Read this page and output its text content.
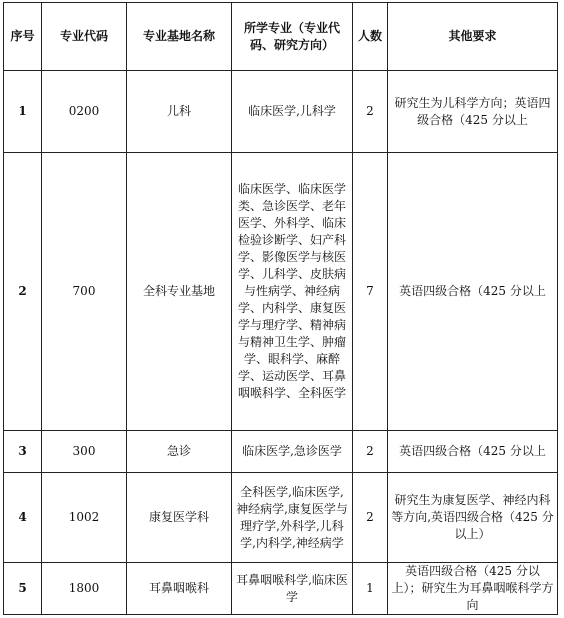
序号	专业代码	专业基地名称	所学专业（专业代码、研究方向）	人数	其他要求
1	0200	儿科	临床医学,儿科学	2	研究生为儿科学方向；英语四级合格（425 分以上
2	700	全科专业基地	临床医学、临床医学类、急诊医学、老年医学、外科学、临床检验诊断学、妇产科学、影像医学与核医学、儿科学、皮肤病与性病学、神经病学、内科学、康复医学与理疗学、精神病与精神卫生学、肿瘤学、眼科学、麻醉学、运动医学、耳鼻咽喉科学、全科医学	7	英语四级合格（425 分以上
3	300	急诊	临床医学,急诊医学	2	英语四级合格（425 分以上
4	1002	康复医学科	全科医学,临床医学,神经病学,康复医学与理疗学,外科学,儿科学,内科学,神经病学	2	研究生为康复医学、神经内科等方向,英语四级合格（425 分以上）
5	1800	耳鼻咽喉科	耳鼻咽喉科学,临床医学	1	英语四级合格（425 分以上）；研究生为耳鼻咽喉科学方向
